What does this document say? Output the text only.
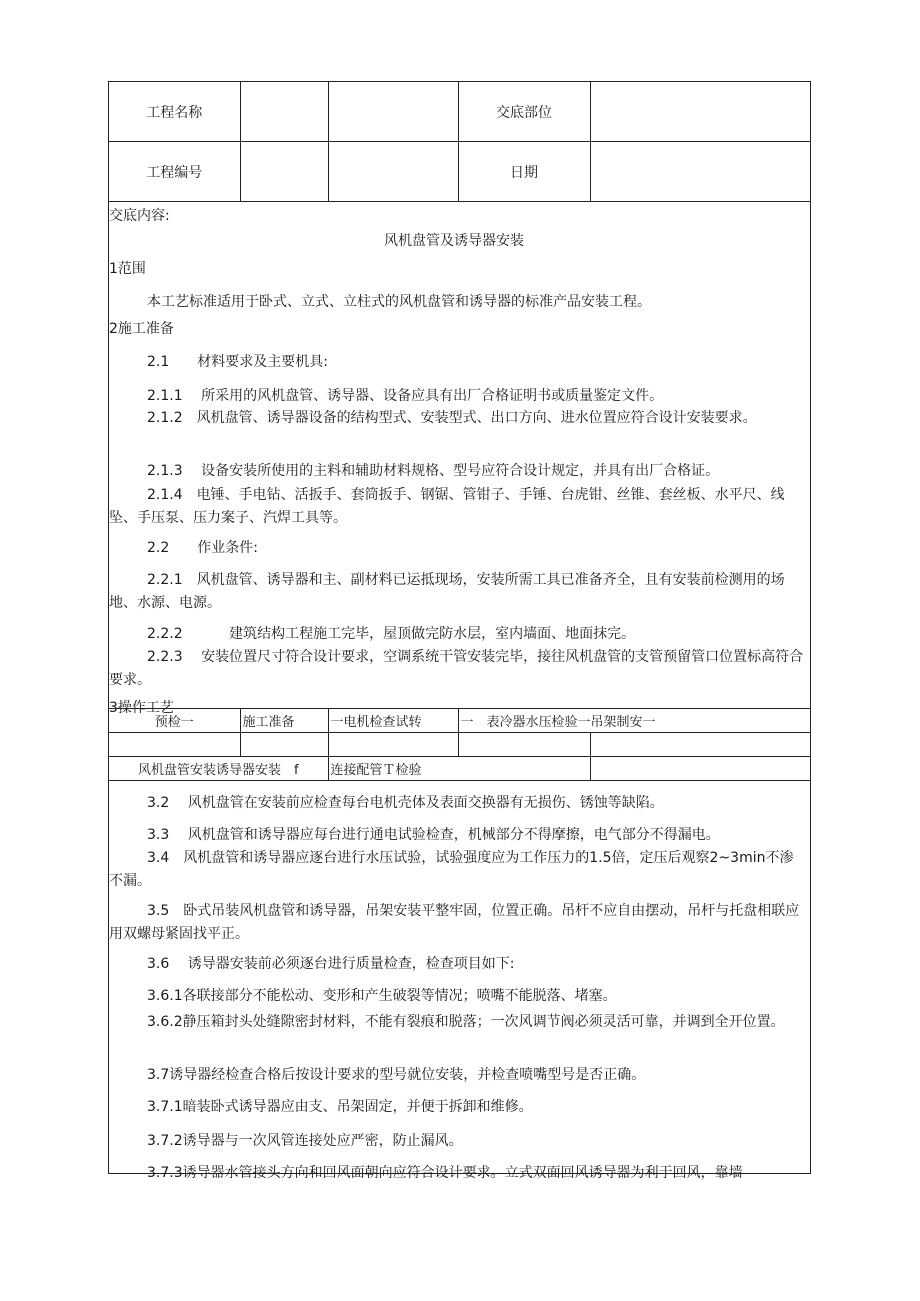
工程名称			交底部位	
工程编号			日期	
交底内容:
风机盘管及诱导器安装
1范围
本工艺标准适用于卧式、立式、立柱式的风机盘管和诱导器的标准产品安装工程。
2施工准备
2.1　　材料要求及主要机具:
2.1.1　 所采用的风机盘管、诱导器、设备应具有出厂合格证明书或质量鉴定文件。
2.1.2　风机盘管、诱导器设备的结构型式、安装型式、出口方向、进水位置应符合设计安装要求。
2.1.3　 设备安装所使用的主料和辅助材料规格、型号应符合设计规定，并具有出厂合格证。
2.1.4　电锤、手电钻、活扳手、套筒扳手、钢锯、管钳子、手锤、台虎钳、丝锥、套丝板、水平尺、线坠、手压泵、压力案子、汽焊工具等。
2.2　　作业条件:
2.2.1　风机盘管、诱导器和主、副材料已运抵现场，安装所需工具已准备齐全，且有安装前检测用的场地、水源、电源。
2.2.2　　　 建筑结构工程施工完毕，屋顶做完防水层，室内墙面、地面抹完。
2.2.3　 安装位置尺寸符合设计要求，空调系统干管安装完毕，接往风机盘管的支管预留管口位置标高符合要求。
3操作工艺
预检一	施工准备	一电机检查试转	一　表冷器水压检验一吊架制安一	

风机盘管安装诱导器安装　f		连接配管Ｔ检验		
3.2　 风机盘管在安装前应检查每台电机壳体及表面交换器有无损伤、锈蚀等缺陷。
3.3　 风机盘管和诱导器应每台进行通电试验检查，机械部分不得摩擦，电气部分不得漏电。
3.4　风机盘管和诱导器应逐台进行水压试验，试验强度应为工作压力的1.5倍，定压后观察2~3min不渗不漏。
3.5　卧式吊装风机盘管和诱导器，吊架安装平整牢固，位置正确。吊杆不应自由摆动，吊杆与托盘相联应用双螺母紧固找平正。
3.6　 诱导器安装前必须逐台进行质量检查，检查项目如下:
3.6.1各联接部分不能松动、变形和产生破裂等情况；喷嘴不能脱落、堵塞。
3.6.2静压箱封头处缝隙密封材料，不能有裂痕和脱落；一次风调节阀必须灵活可靠，并调到全开位置。
3.7诱导器经检查合格后按设计要求的型号就位安装，并检查喷嘴型号是否正确。
3.7.1暗装卧式诱导器应由支、吊架固定，并便于拆卸和维修。
3.7.2诱导器与一次风管连接处应严密，防止漏风。
3.7.3诱导器水管接头方向和回风面朝向应符合设计要求。立式双面回风诱导器为利于回风，靠墙
